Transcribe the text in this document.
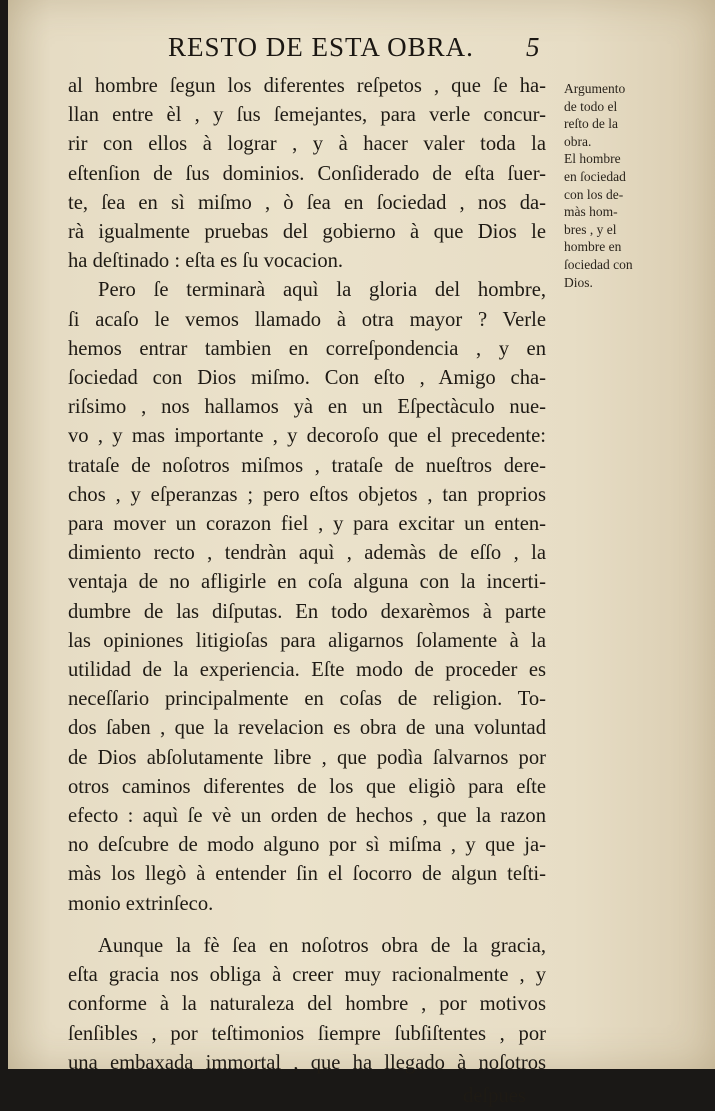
RESTO DE ESTA OBRA. 5

al hombre ſegun los diferentes reſpetos , que ſe ha-
llan entre èl , y ſus ſemejantes, para verle concur-
rir con ellos à lograr , y à hacer valer toda la
eſtenſion de ſus dominios. Conſiderado de eſta ſuer-
te, ſea en sì miſmo , ò ſea en ſociedad , nos da-
rà igualmente pruebas del gobierno à que Dios le
ha deſtinado : eſta es ſu vocacion.

Pero ſe terminarà aquì la gloria del hombre,
ſi acaſo le vemos llamado à otra mayor ? Verle
hemos entrar tambien en correſpondencia , y en
ſociedad con Dios miſmo. Con eſto , Amigo cha-
riſsimo , nos hallamos yà en un Eſpectàculo nue-
vo , y mas importante , y decoroſo que el precedente:
trataſe de noſotros miſmos , trataſe de nueſtros dere-
chos , y eſperanzas ; pero eſtos objetos , tan proprios
para mover un corazon fiel , y para excitar un enten-
dimiento recto , tendràn aquì , ademàs de eſſo , la
ventaja de no afligirle en coſa alguna con la incerti-
dumbre de las diſputas. En todo dexarèmos à parte
las opiniones litigioſas para aligarnos ſolamente à la
utilidad de la experiencia. Eſte modo de proceder es
neceſſario principalmente en coſas de religion. To-
dos ſaben , que la revelacion es obra de una voluntad
de Dios abſolutamente libre , que podìa ſalvarnos por
otros caminos diferentes de los que eligiò para eſte
efecto : aquì ſe vè un orden de hechos , que la razon
no deſcubre de modo alguno por sì miſma , y que ja-
màs los llegò à entender ſin el ſocorro de algun teſti-
monio extrinſeco.

Aunque la fè ſea en noſotros obra de la gracia,
eſta gracia nos obliga à creer muy racionalmente , y
conforme à la naturaleza del hombre , por motivos
ſenſibles , por teſtimonios ſiempre ſubſiſtentes , por
una embaxada immortal , que ha llegado à noſotros

deſpues
Argumento
de todo el
reſto de la
obra.
El hombre
en ſociedad
con los de-
màs hom-
bres , y el
hombre en
ſociedad con
Dios.
